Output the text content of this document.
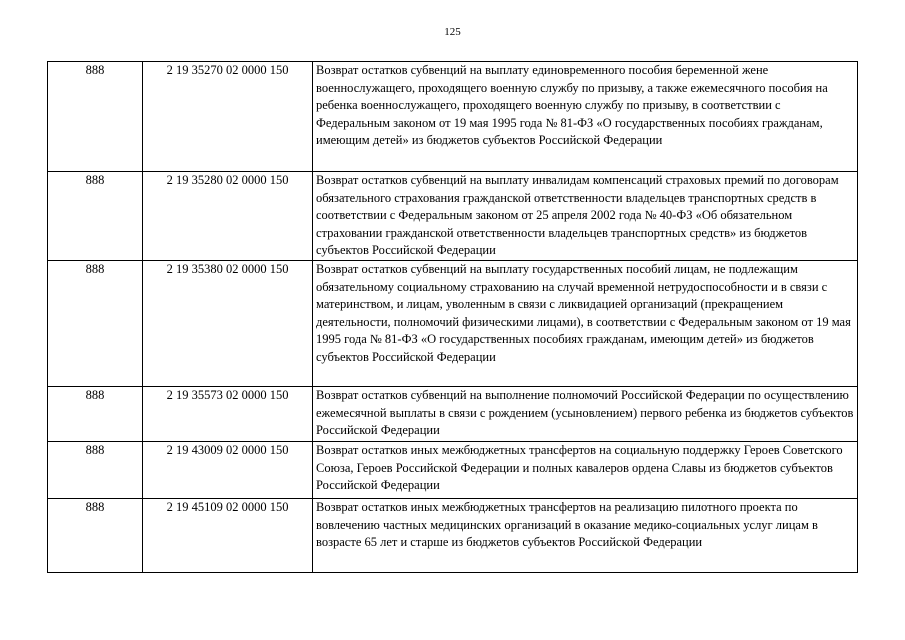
125
888	2 19 35270 02 0000 150	Возврат остатков субвенций на выплату единовременного пособия беременной жене военнослужащего, проходящего военную службу по призыву, а также ежемесячного пособия на ребенка военнослужащего, проходящего военную службу по призыву, в соответствии с Федеральным законом от 19 мая 1995 года № 81-ФЗ «О государственных пособиях гражданам, имеющим детей» из бюджетов субъектов Российской Федерации
888	2 19 35280 02 0000 150	Возврат остатков субвенций на выплату инвалидам компенсаций страховых премий по договорам обязательного страхования гражданской ответственности владельцев транспортных средств в соответствии с Федеральным законом от 25 апреля 2002 года № 40-ФЗ «Об обязательном страховании гражданской ответственности владельцев транспортных средств» из бюджетов субъектов Российской Федерации
888	2 19 35380 02 0000 150	Возврат остатков субвенций на выплату государственных пособий лицам, не подлежащим обязательному социальному страхованию на случай временной нетрудоспособности и в связи с материнством, и лицам, уволенным в связи с ликвидацией организаций (прекращением деятельности, полномочий физическими лицами), в соответствии с Федеральным законом от 19 мая 1995 года № 81-ФЗ «О государственных пособиях гражданам, имеющим детей» из бюджетов субъектов Российской Федерации
888	2 19 35573 02 0000 150	Возврат остатков субвенций на выполнение полномочий Российской Федерации по осуществлению ежемесячной выплаты в связи с рождением (усыновлением) первого ребенка из бюджетов субъектов Российской Федерации
888	2 19 43009 02 0000 150	Возврат остатков иных межбюджетных трансфертов на социальную поддержку Героев Советского Союза, Героев Российской Федерации и полных кавалеров ордена Славы из бюджетов субъектов Российской Федерации
888	2 19 45109 02 0000 150	Возврат остатков иных межбюджетных трансфертов на реализацию пилотного проекта по вовлечению частных медицинских организаций в оказание медико-социальных услуг лицам в возрасте 65 лет и старше из бюджетов субъектов Российской Федерации
